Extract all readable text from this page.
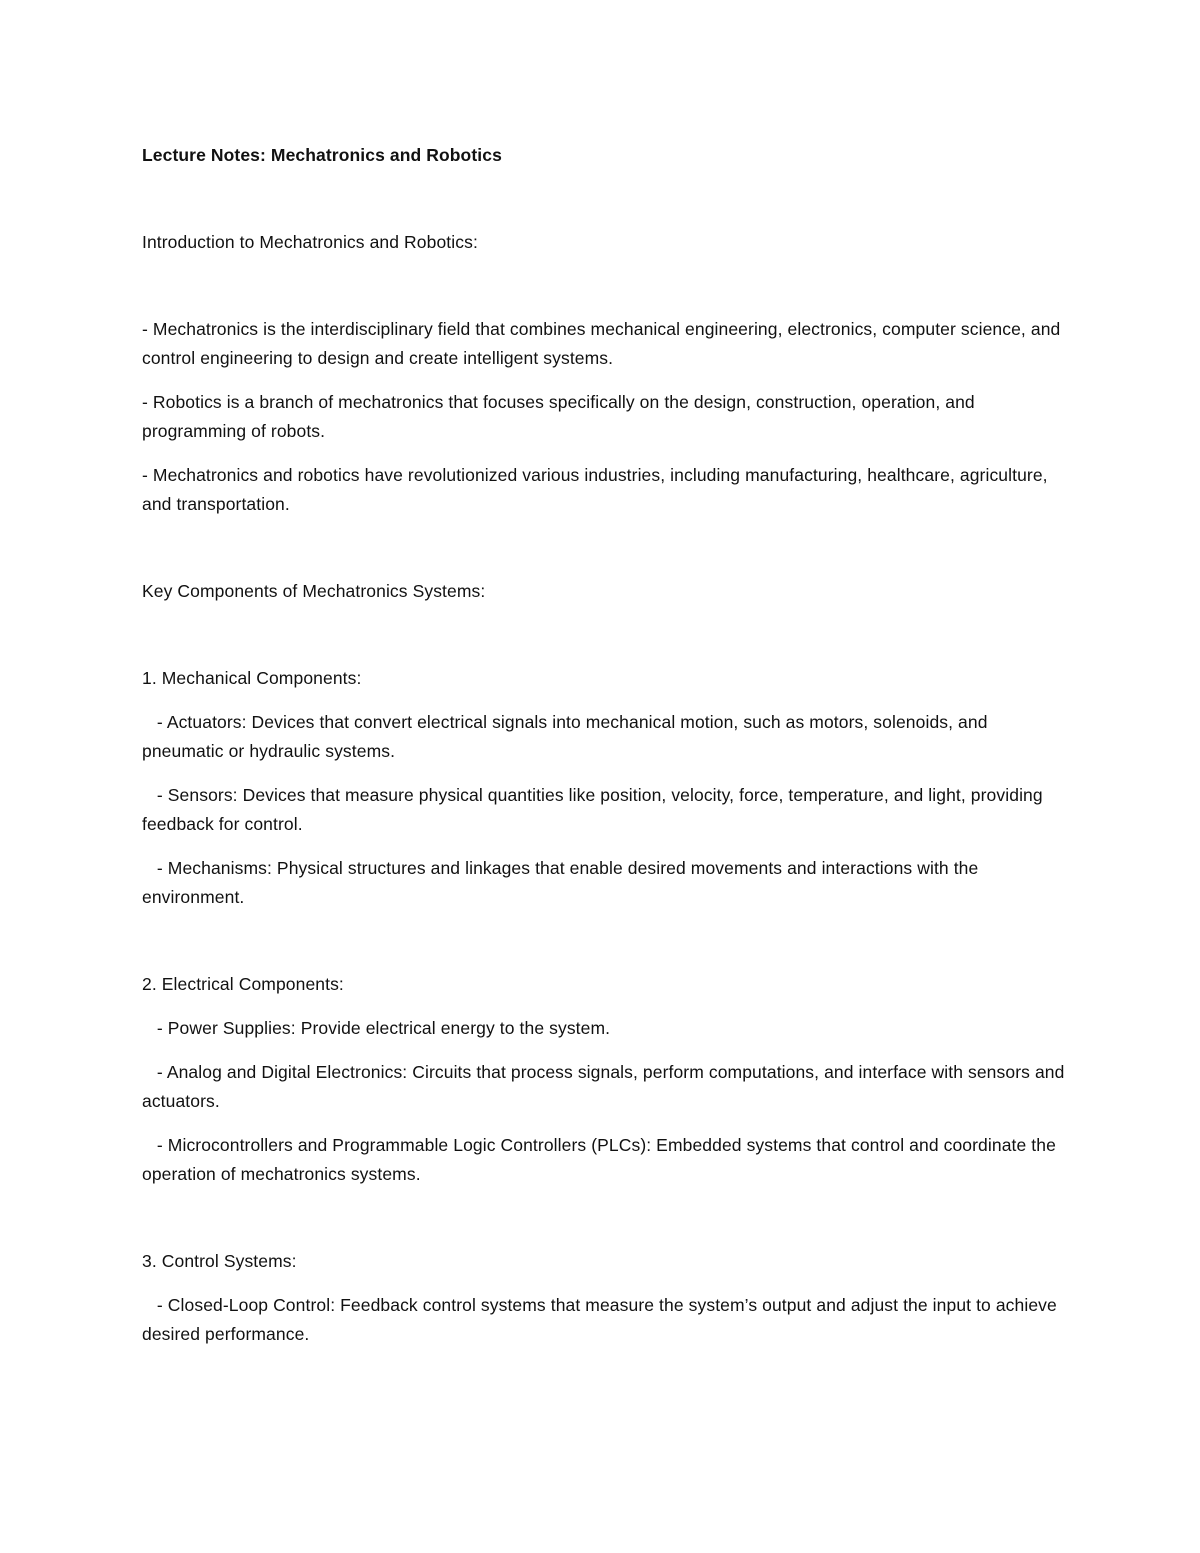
Lecture Notes: Mechatronics and Robotics
Introduction to Mechatronics and Robotics:
- Mechatronics is the interdisciplinary field that combines mechanical engineering, electronics, computer science, and control engineering to design and create intelligent systems.
- Robotics is a branch of mechatronics that focuses specifically on the design, construction, operation, and programming of robots.
- Mechatronics and robotics have revolutionized various industries, including manufacturing, healthcare, agriculture, and transportation.
Key Components of Mechatronics Systems:
1. Mechanical Components:
- Actuators: Devices that convert electrical signals into mechanical motion, such as motors, solenoids, and pneumatic or hydraulic systems.
- Sensors: Devices that measure physical quantities like position, velocity, force, temperature, and light, providing feedback for control.
- Mechanisms: Physical structures and linkages that enable desired movements and interactions with the environment.
2. Electrical Components:
- Power Supplies: Provide electrical energy to the system.
- Analog and Digital Electronics: Circuits that process signals, perform computations, and interface with sensors and actuators.
- Microcontrollers and Programmable Logic Controllers (PLCs): Embedded systems that control and coordinate the operation of mechatronics systems.
3. Control Systems:
- Closed-Loop Control: Feedback control systems that measure the system’s output and adjust the input to achieve desired performance.
